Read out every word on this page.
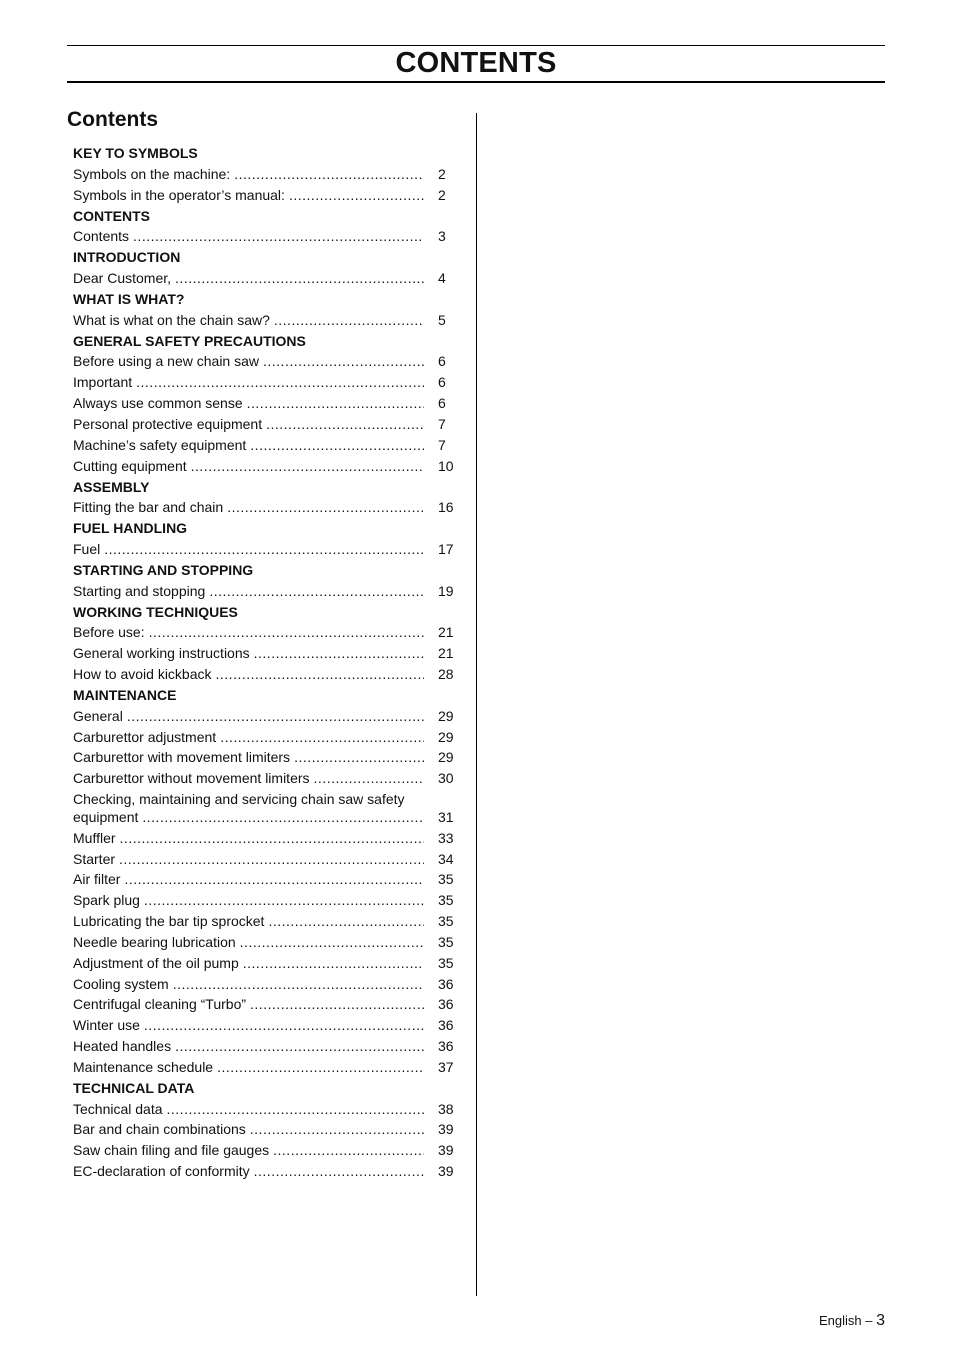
CONTENTS
Contents
KEY TO SYMBOLS
Symbols on the machine: .....	2
Symbols in the operator’s manual: .....	2
CONTENTS
Contents .....	3
INTRODUCTION
Dear Customer, .....	4
WHAT IS WHAT?
What is what on the chain saw? .....	5
GENERAL SAFETY PRECAUTIONS
Before using a new chain saw .....	6
Important .....	6
Always use common sense .....	6
Personal protective equipment .....	7
Machine’s safety equipment .....	7
Cutting equipment .....	10
ASSEMBLY
Fitting the bar and chain .....	16
FUEL HANDLING
Fuel .....	17
STARTING AND STOPPING
Starting and stopping .....	19
WORKING TECHNIQUES
Before use: .....	21
General working instructions .....	21
How to avoid kickback .....	28
MAINTENANCE
General .....	29
Carburettor adjustment .....	29
Carburettor with movement limiters .....	29
Carburettor without movement limiters .....	30
Checking, maintaining and servicing chain saw safety
equipment .....	31
Muffler .....	33
Starter .....	34
Air filter .....	35
Spark plug .....	35
Lubricating the bar tip sprocket .....	35
Needle bearing lubrication .....	35
Adjustment of the oil pump .....	35
Cooling system .....	36
Centrifugal cleaning “Turbo” .....	36
Winter use .....	36
Heated handles .....	36
Maintenance schedule .....	37
TECHNICAL DATA
Technical data .....	38
Bar and chain combinations .....	39
Saw chain filing and file gauges .....	39
EC-declaration of conformity .....	39
English – 3
